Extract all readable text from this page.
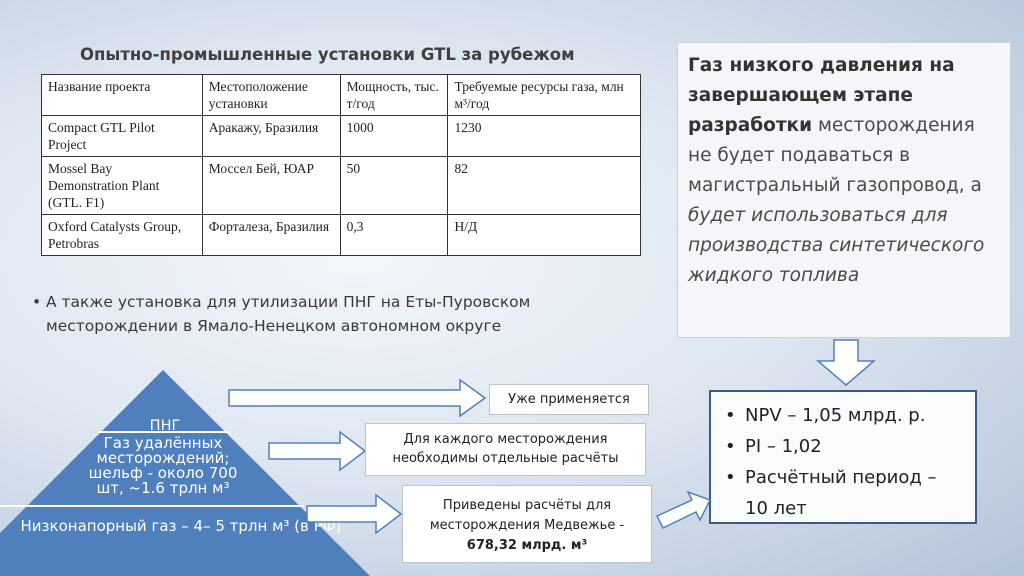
Опытно-промышленные установки GTL за рубежом
Название проекта	Местоположение установки	Мощность, тыс. т/год	Требуемые ресурсы газа, млн м³/год
Compact GTL Pilot Project	Аракажу, Бразилия	1000	1230
Mossel Bay Demonstration Plant (GTL. F1)	Моссел Бей, ЮАР	50	82
Oxford Catalysts Group, Petrobras	Форталеза, Бразилия	0,3	Н/Д
• А также установка для утилизации ПНГ на Еты-Пуровском месторождении в Ямало-Ненецком автономном округе
Газ низкого давления на завершающем этапе разработки месторождения не будет подаваться в магистральный газопровод, а будет использоваться для производства синтетического жидкого топлива
• NPV – 1,05 млрд. р.
• PI – 1,02
• Расчётный период – 10 лет
ПНГ
Газ удалённых месторождений; шельф - около 700 шт, ~1.6 трлн м³
Низконапорный газ – 4– 5 трлн м³ (в РФ)
Уже применяется
Для каждого месторождения необходимы отдельные расчёты
Приведены расчёты для месторождения Медвежье - 678,32 млрд. м³
